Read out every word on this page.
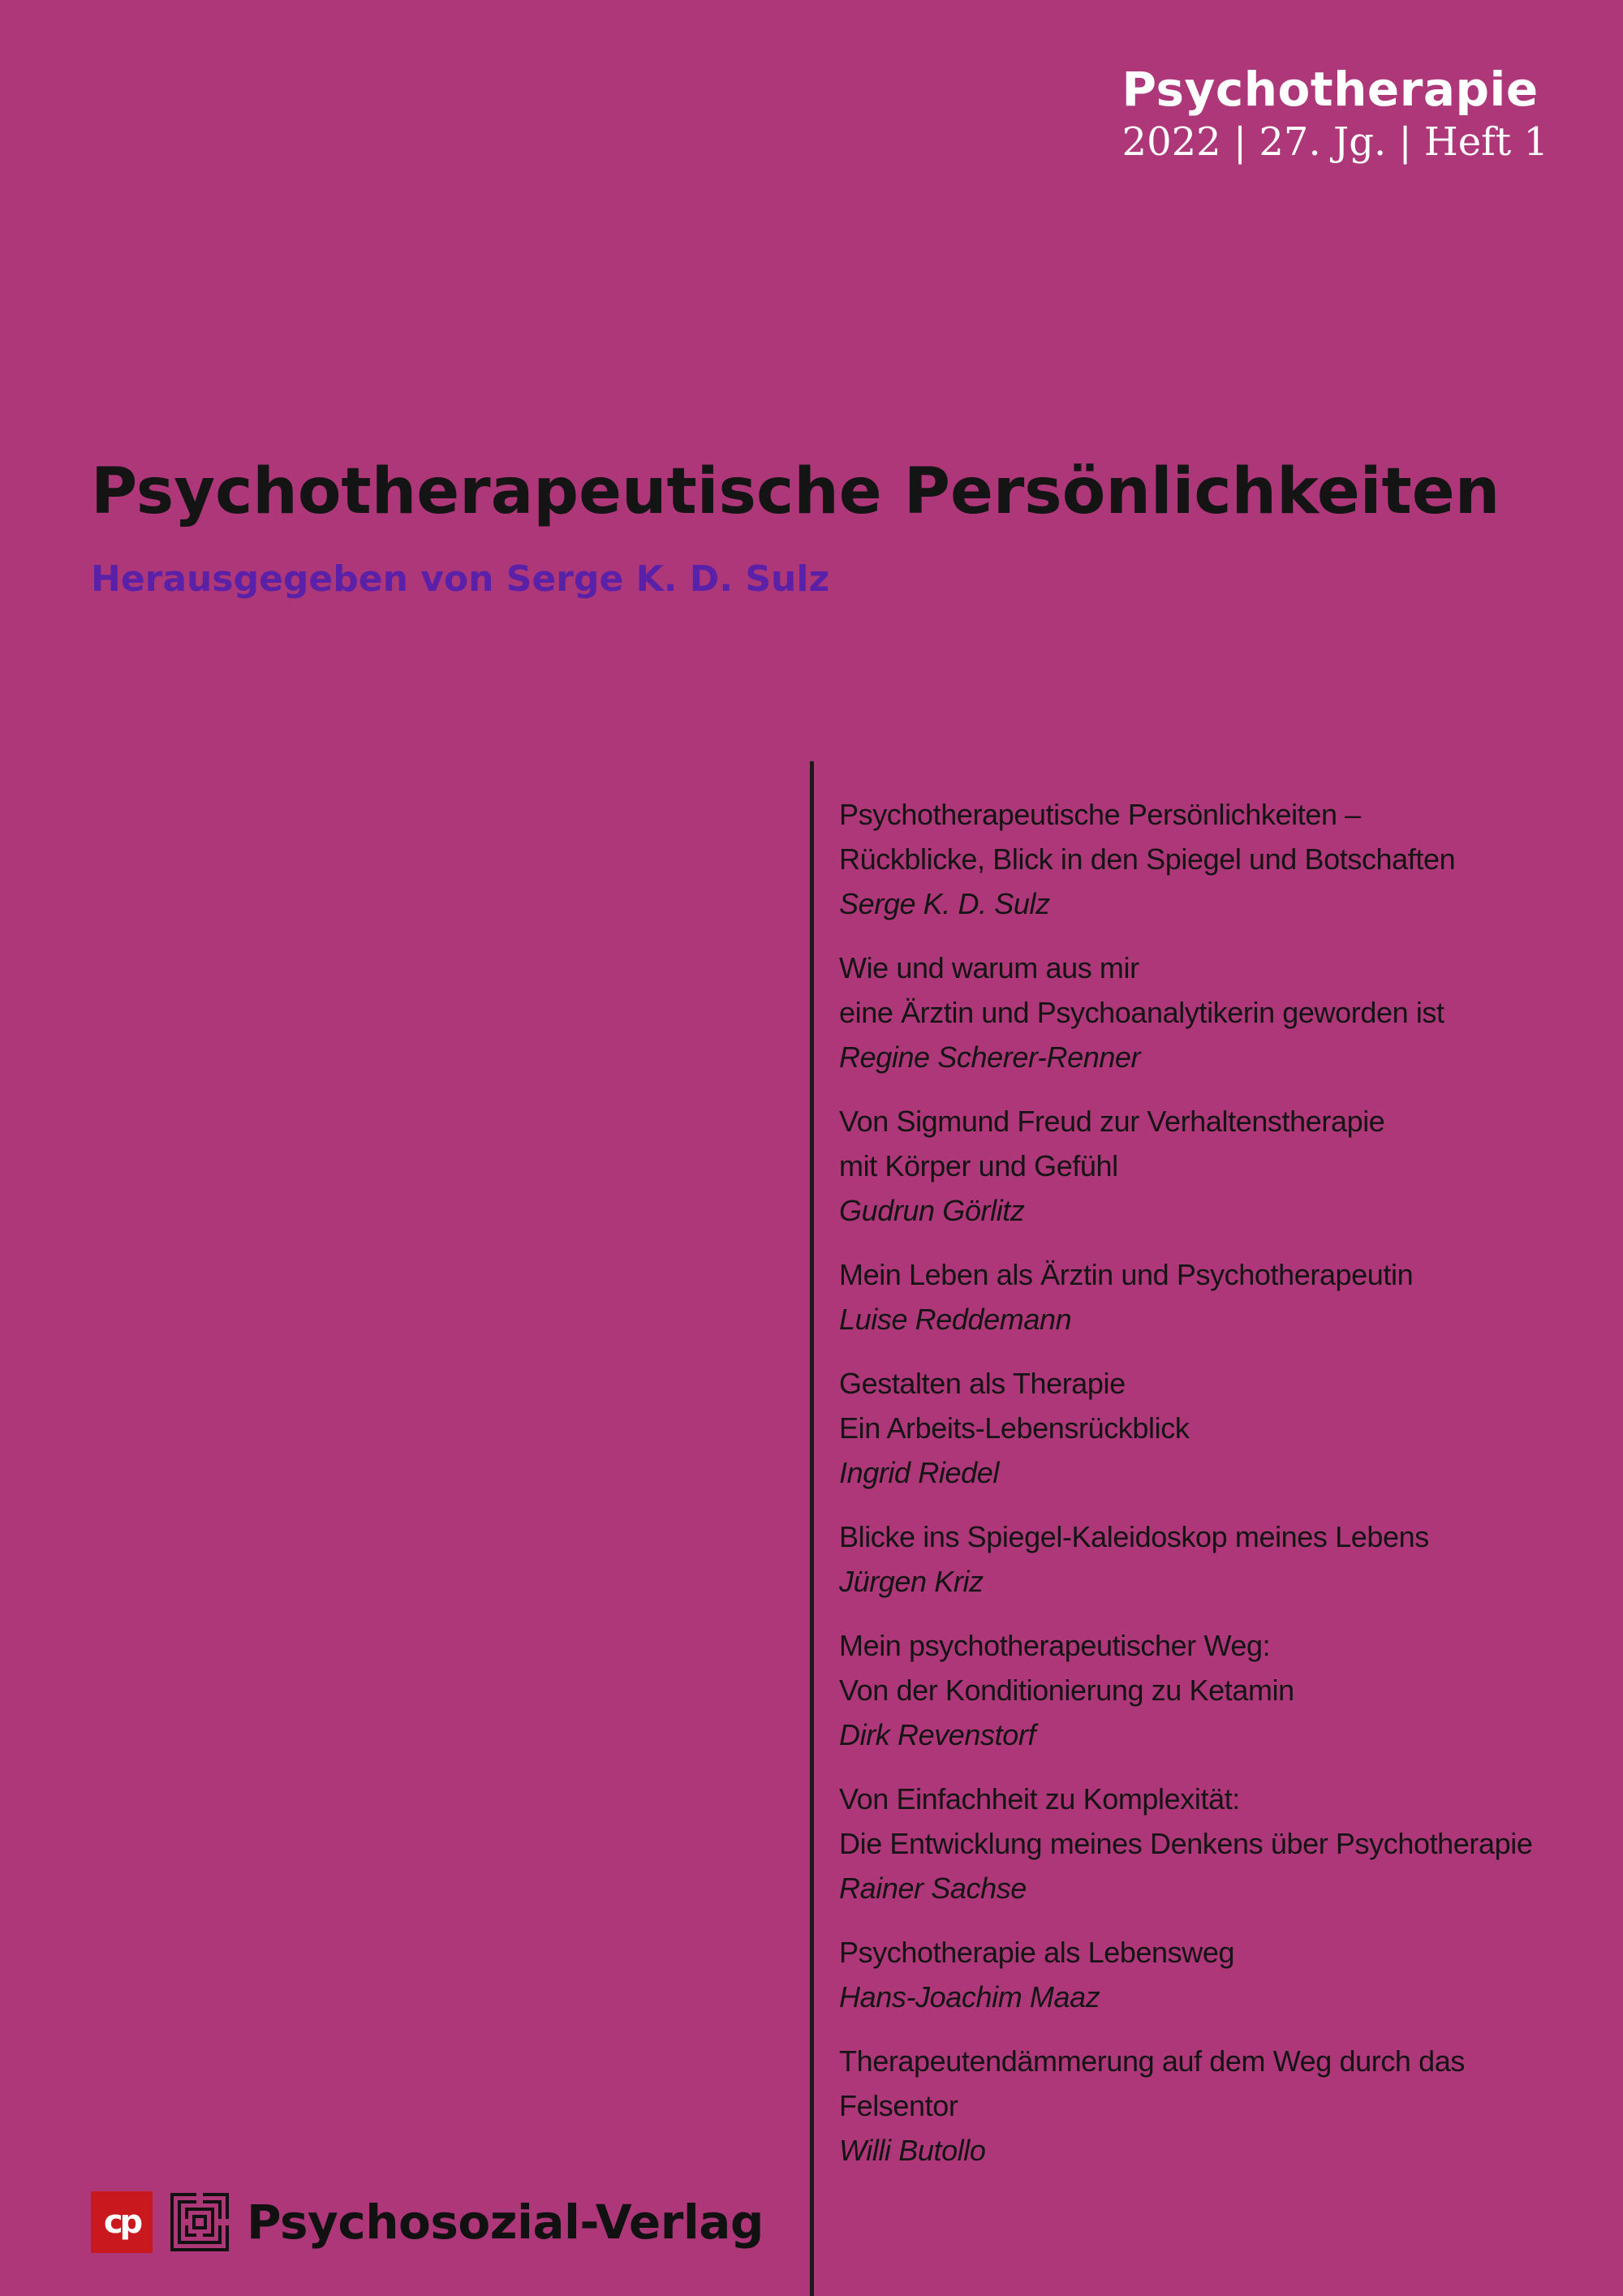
Psychotherapie
2022 | 27. Jg. | Heft 1
Psychotherapeutische Persönlichkeiten
Herausgegeben von Serge K. D. Sulz
Psychotherapeutische Persönlichkeiten –
Rückblicke, Blick in den Spiegel und Botschaften
Serge K. D. Sulz
Wie und warum aus mir
eine Ärztin und Psychoanalytikerin geworden ist
Regine Scherer-Renner
Von Sigmund Freud zur Verhaltenstherapie
mit Körper und Gefühl
Gudrun Görlitz
Mein Leben als Ärztin und Psychotherapeutin
Luise Reddemann
Gestalten als Therapie
Ein Arbeits-Lebensrückblick
Ingrid Riedel
Blicke ins Spiegel-Kaleidoskop meines Lebens
Jürgen Kriz
Mein psychotherapeutischer Weg:
Von der Konditionierung zu Ketamin
Dirk Revenstorf
Von Einfachheit zu Komplexität:
Die Entwicklung meines Denkens über Psychotherapie
Rainer Sachse
Psychotherapie als Lebensweg
Hans-Joachim Maaz
Therapeutendämmerung auf dem Weg durch das Felsentor
Willi Butollo
cp Psychosozial-Verlag
